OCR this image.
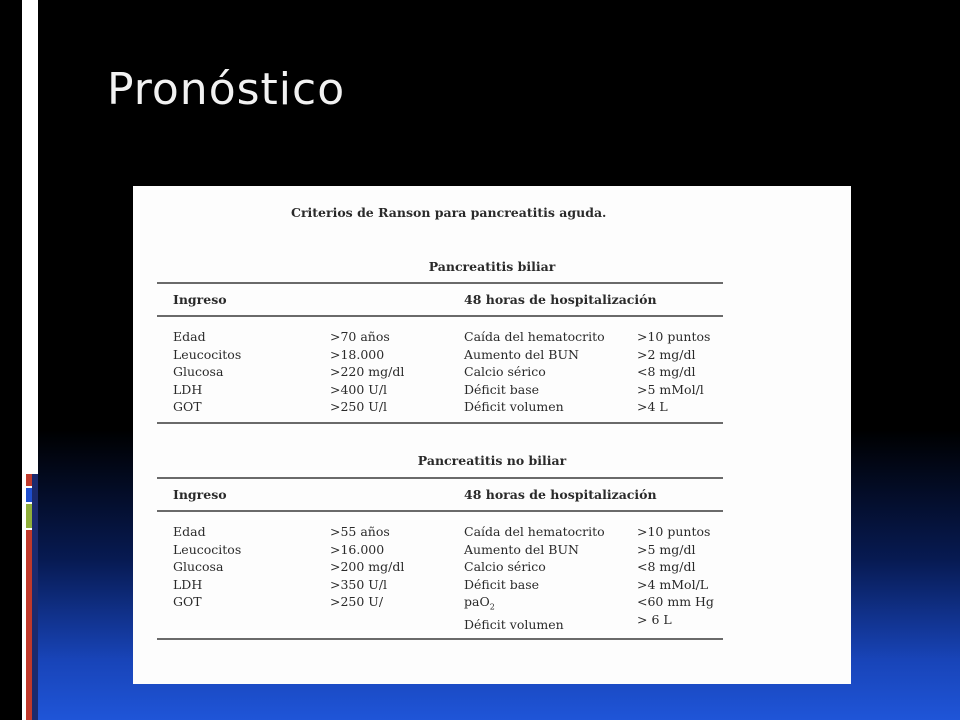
Pronóstico
Criterios de Ranson para pancreatitis aguda.
Pancreatitis biliar
Ingreso	48 horas de hospitalización
Edad
Leucocitos
Glucosa
LDH
GOT
>70 años
>18.000
>220 mg/dl
>400 U/l
>250 U/l
Caída del hematocrito
Aumento del BUN
Calcio sérico
Déficit base
Déficit volumen
>10 puntos
>2 mg/dl
<8 mg/dl
>5 mMol/l
>4 L
Pancreatitis no biliar
Ingreso	48 horas de hospitalización
Edad
Leucocitos
Glucosa
LDH
GOT
>55 años
>16.000
>200 mg/dl
>350 U/l
>250 U/
Caída del hematocrito
Aumento del BUN
Calcio sérico
Déficit base
paO$_2$
Déficit volumen
>10 puntos
>5 mg/dl
<8 mg/dl
>4 mMol/L
<60 mm Hg
> 6 L
